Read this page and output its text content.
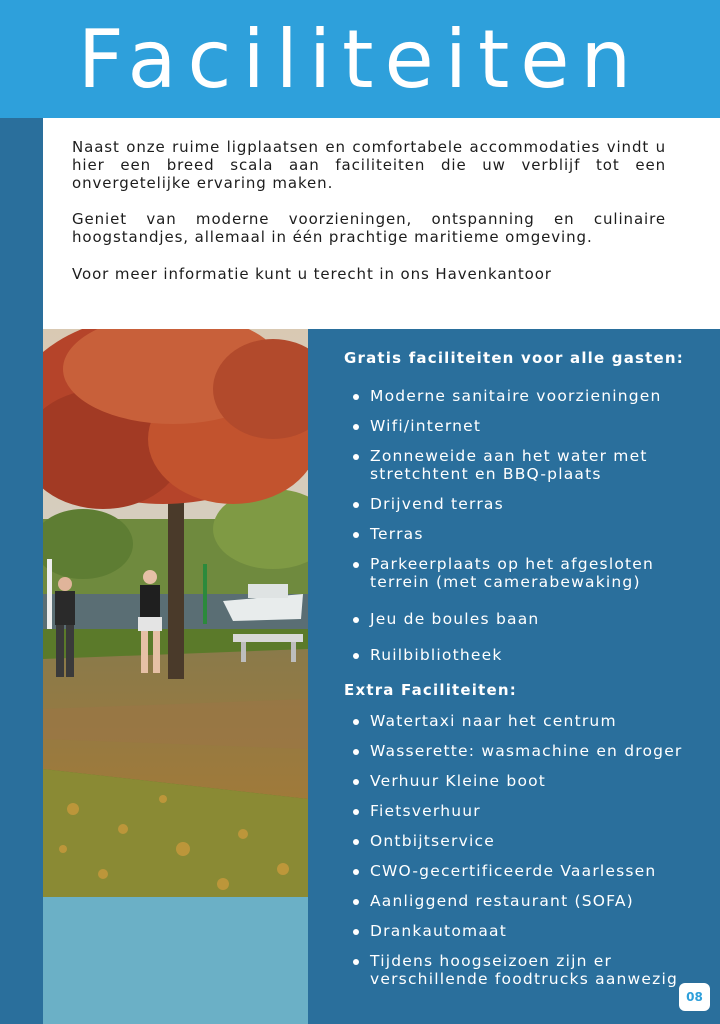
Faciliteiten

Naast onze ruime ligplaatsen en comfortabele accommodaties vindt u hier een breed scala aan faciliteiten die uw verblijf tot een onvergetelijke ervaring maken.

Geniet van moderne voorzieningen, ontspanning en culinaire hoogstandjes, allemaal in één prachtige maritieme omgeving.

Voor meer informatie kunt u terecht in ons Havenkantoor

Gratis faciliteiten voor alle gasten:
Moderne sanitaire voorzieningen
Wifi/internet
Zonneweide aan het water met stretchtent en BBQ-plaats
Drijvend terras
Terras
Parkeerplaats op het afgesloten terrein (met camerabewaking)
Jeu de boules baan
Ruilbibliotheek
Extra Faciliteiten:
Watertaxi naar het centrum
Wasserette: wasmachine en droger
Verhuur Kleine boot
Fietsverhuur
Ontbijtservice
CWO-gecertificeerde Vaarlessen
Aanliggend restaurant (SOFA)
Drankautomaat
Tijdens hoogseizoen zijn er verschillende foodtrucks aanwezig
08
